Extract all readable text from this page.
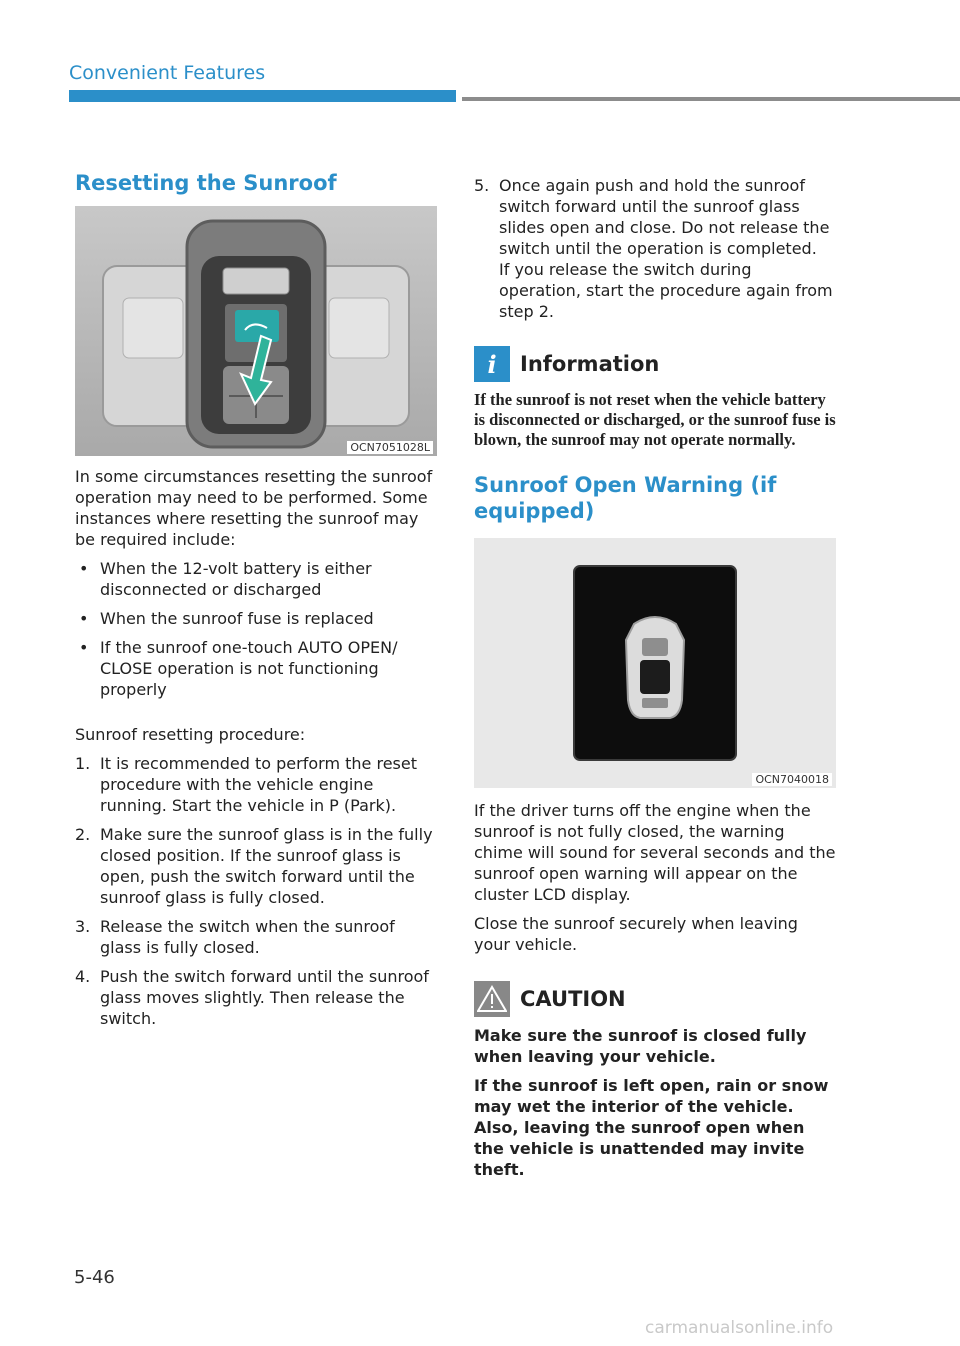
Convenient Features
Resetting the Sunroof
OCN7051028L

In some circumstances resetting the sunroof operation may need to be performed. Some instances where resetting the sunroof may be required include:

• When the 12-volt battery is either disconnected or discharged
• When the sunroof fuse is replaced
• If the sunroof one-touch AUTO OPEN/ CLOSE operation is not functioning properly

Sunroof resetting procedure:

1. It is recommended to perform the reset procedure with the vehicle engine running. Start the vehicle in P (Park).
2. Make sure the sunroof glass is in the fully closed position. If the sunroof glass is open, push the switch forward until the sunroof glass is fully closed.
3. Release the switch when the sunroof glass is fully closed.
4. Push the switch forward until the sunroof glass moves slightly. Then release the switch.
5. Once again push and hold the sunroof switch forward until the sunroof glass slides open and close. Do not release the switch until the operation is completed.
If you release the switch during operation, start the procedure again from step 2.
i	Information

If the sunroof is not reset when the vehicle battery is disconnected or discharged, or the sunroof fuse is blown, the sunroof may not operate normally.

Sunroof Open Warning (if equipped)
OCN7040018

If the driver turns off the engine when the sunroof is not fully closed, the warning chime will sound for several seconds and the sunroof open warning will appear on the cluster LCD display.

Close the sunroof securely when leaving your vehicle.

CAUTION

Make sure the sunroof is closed fully when leaving your vehicle.

If the sunroof is left open, rain or snow may wet the interior of the vehicle. Also, leaving the sunroof open when the vehicle is unattended may invite theft.

5-46
carmanualsonline.info
